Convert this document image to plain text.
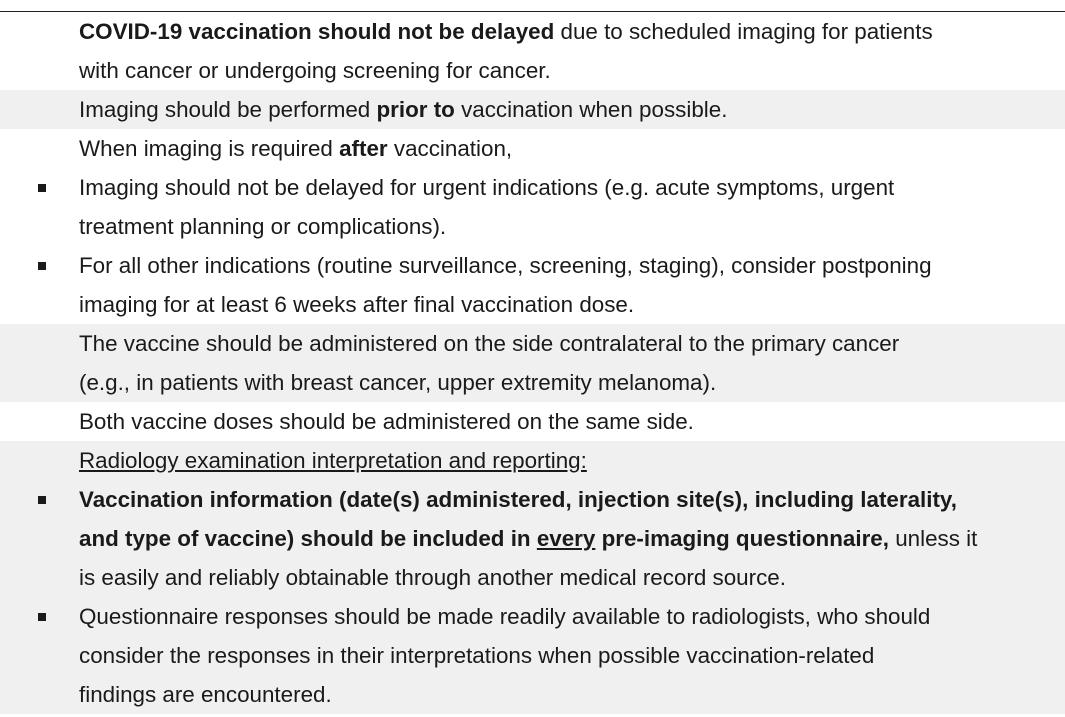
COVID-19 vaccination should not be delayed due to scheduled imaging for patients
with cancer or undergoing screening for cancer.
Imaging should be performed prior to vaccination when possible.
When imaging is required after vaccination,
Imaging should not be delayed for urgent indications (e.g. acute symptoms, urgent
treatment planning or complications).
For all other indications (routine surveillance, screening, staging), consider postponing
imaging for at least 6 weeks after final vaccination dose.
The vaccine should be administered on the side contralateral to the primary cancer
(e.g., in patients with breast cancer, upper extremity melanoma).
Both vaccine doses should be administered on the same side.
Radiology examination interpretation and reporting:
Vaccination information (date(s) administered, injection site(s), including laterality,
and type of vaccine) should be included in every pre-imaging questionnaire, unless it
is easily and reliably obtainable through another medical record source.
Questionnaire responses should be made readily available to radiologists, who should
consider the responses in their interpretations when possible vaccination-related
findings are encountered.
